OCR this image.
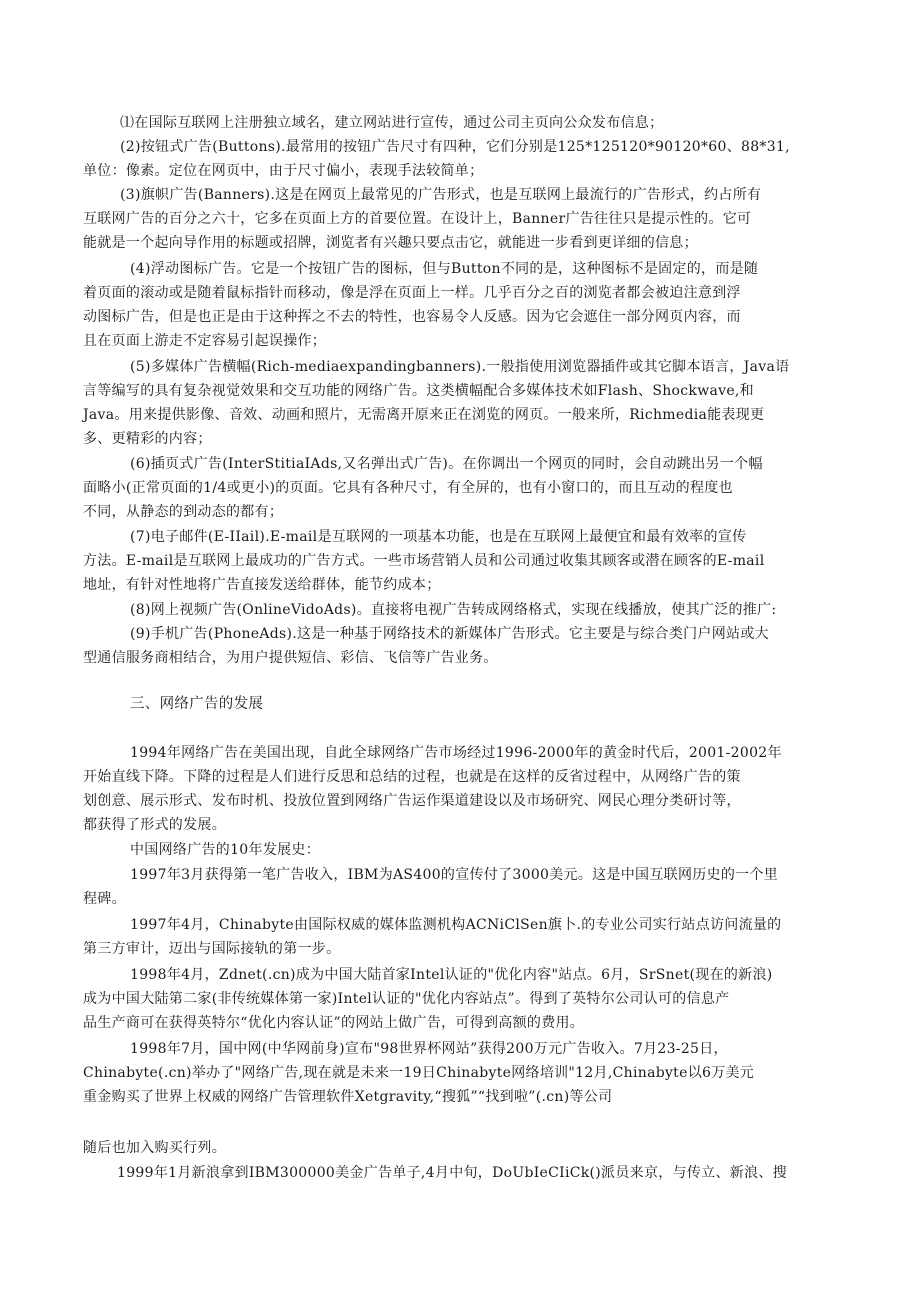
⑴在国际互联网上注册独立域名，建立网站进行宣传，通过公司主页向公众发布信息；
(2)按钮式广告(Buttons).最常用的按钮广告尺寸有四种，它们分别是125*125120*90120*60、88*31,
单位：像素。定位在网页中，由于尺寸偏小，表现手法较简单；
(3)旗帜广告(Banners).这是在网页上最常见的广告形式，也是互联网上最流行的广告形式，约占所有
互联网广告的百分之六十，它多在页面上方的首要位置。在设计上，Banner广告往往只是提示性的。它可
能就是一个起向导作用的标题或招牌，浏览者有兴趣只要点击它，就能进一步看到更详细的信息；
(4)浮动图标广告。它是一个按钮广告的图标，但与Button不同的是，这种图标不是固定的，而是随
着页面的滚动或是随着鼠标指针而移动，像是浮在页面上一样。几乎百分之百的浏览者都会被迫注意到浮
动图标广告，但是也正是由于这种挥之不去的特性，也容易令人反感。因为它会遮住一部分网页内容，而
且在页面上游走不定容易引起误操作；
(5)多媒体广告横幅(Rich-mediaexpandingbanners).一般指使用浏览器插件或其它脚本语言，Java语
言等编写的具有复杂视觉效果和交互功能的网络广告。这类横幅配合多媒体技术如Flash、Shockwave,和
Java。用来提供影像、音效、动画和照片，无需离开原来正在浏览的网页。一般来所，Richmedia能表现更
多、更精彩的内容；
(6)插页式广告(InterStitiaIAds,又名弹出式广告)。在你调出一个网页的同时，会自动跳出另一个幅
面略小(正常页面的1/4或更小)的页面。它具有各种尺寸，有全屏的，也有小窗口的，而且互动的程度也
不同，从静态的到动态的都有；
(7)电子邮件(E-IIail).E-mail是互联网的一项基本功能，也是在互联网上最便宜和最有效率的宣传
方法。E-mail是互联网上最成功的广告方式。一些市场营销人员和公司通过收集其顾客或潜在顾客的E-mail
地址，有针对性地将广告直接发送给群体，能节约成本；
(8)网上视频广告(OnlineVidoAds)。直接将电视广告转成网络格式，实现在线播放，使其广泛的推广:
(9)手机广告(PhoneAds).这是一种基于网络技术的新媒体广告形式。它主要是与综合类门户网站或大
型通信服务商相结合，为用户提供短信、彩信、飞信等广告业务。
三、网络广告的发展
1994年网络广告在美国出现，自此全球网络广告市场经过1996-2000年的黄金时代后，2001-2002年
开始直线下降。下降的过程是人们进行反思和总结的过程，也就是在这样的反省过程中，从网络广告的策
划创意、展示形式、发布时机、投放位置到网络广告运作渠道建设以及市场研究、网民心理分类研讨等，
都获得了形式的发展。
中国网络广告的10年发展史：
1997年3月获得第一笔广告收入，IBM为AS400的宣传付了3000美元。这是中国互联网历史的一个里
程碑。
1997年4月，Chinabyte由国际权威的媒体监测机构ACNiClSen旗卜.的专业公司实行站点访问流量的
第三方审计，迈出与国际接轨的第一步。
1998年4月，Zdnet(.cn)成为中国大陆首家Intel认证的"优化内容"站点。6月，SrSnet(现在的新浪)
成为中国大陆第二家(非传统媒体第一家)Intel认证的"优化内容站点”。得到了英特尔公司认可的信息产
品生产商可在获得英特尔“优化内容认证”的网站上做广告，可得到高额的费用。
1998年7月，国中网(中华网前身)宣布"98世界杯网站”获得200万元广告收入。7月23-25日，
Chinabyte(.cn)举办了"网络广告,现在就是未来一19日Chinabyte网络培训"12月,Chinabyte以6万美元
重金购买了世界上权威的网络广告管理软件Xetgravity,“搜狐”“找到啦”(.cn)等公司
随后也加入购买行列。
1999年1月新浪拿到IBM300000美金广告单子,4月中旬，DoUbIeCIiCk()派员来京，与传立、新浪、搜
